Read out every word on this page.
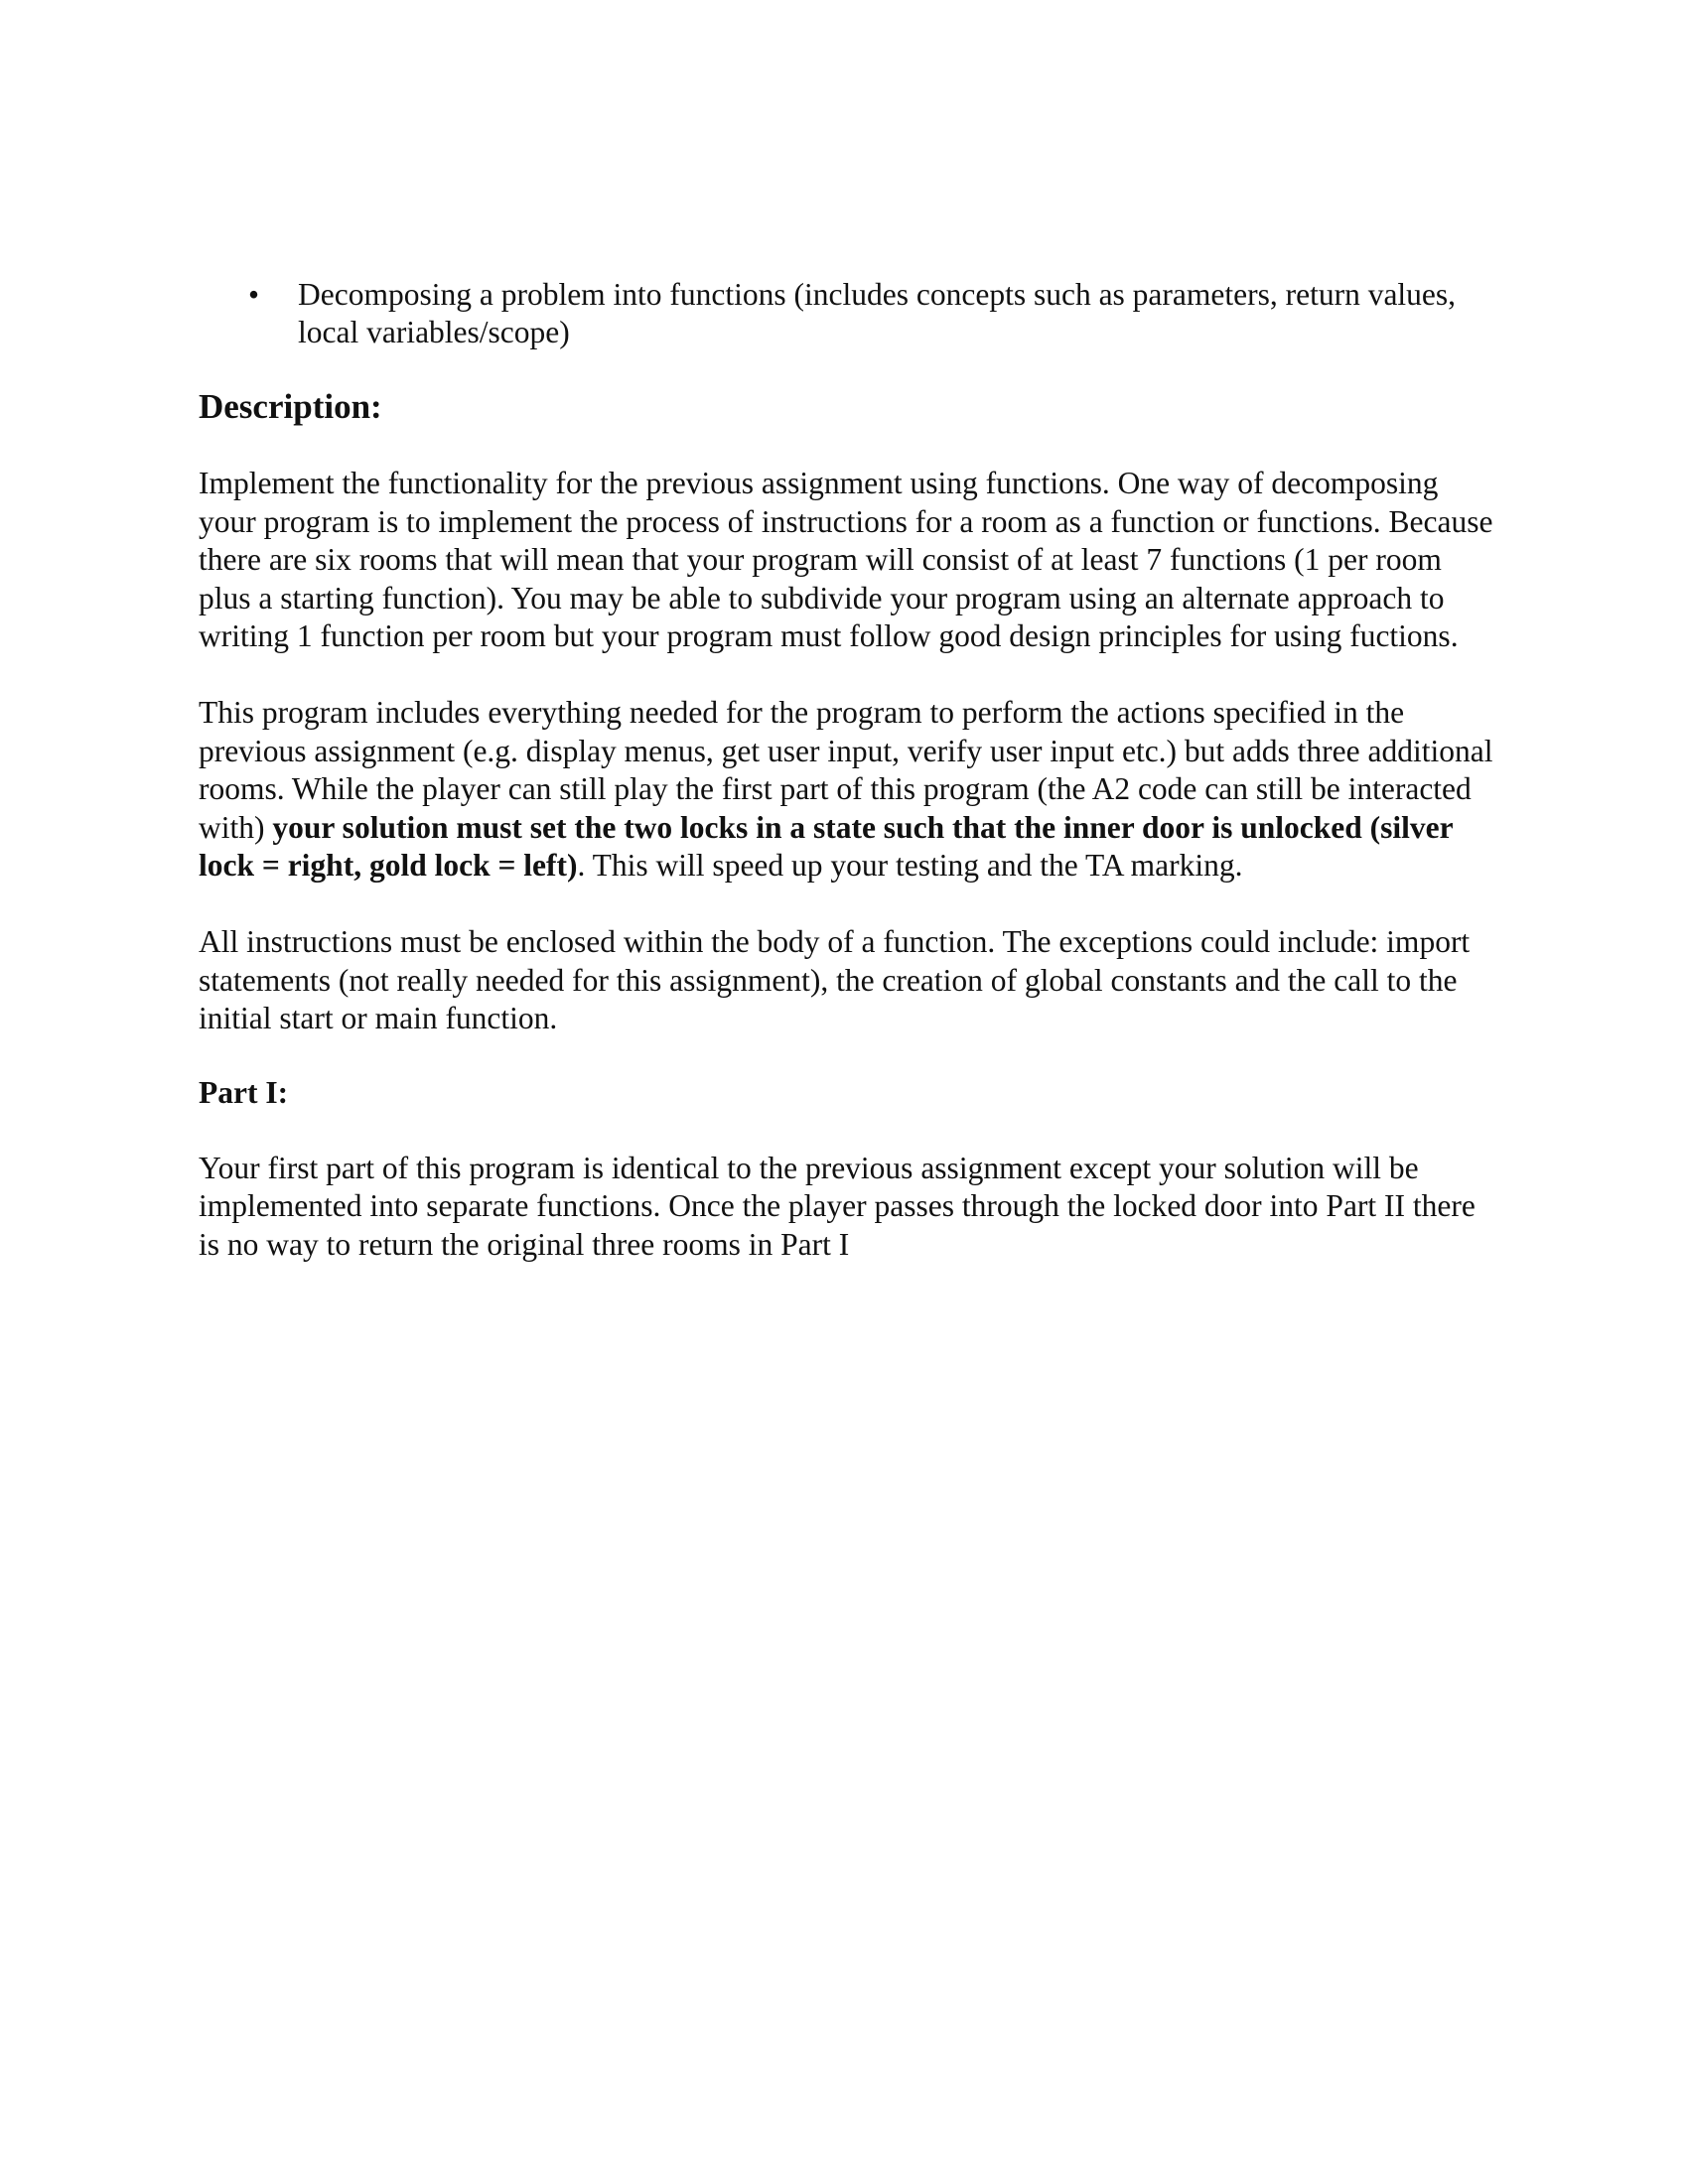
• Decomposing a problem into functions (includes concepts such as parameters, return values, local variables/scope)
Description:

Implement the functionality for the previous assignment using functions. One way of decomposing your program is to implement the process of instructions for a room as a function or functions. Because there are six rooms that will mean that your program will consist of at least 7 functions (1 per room plus a starting function). You may be able to subdivide your program using an alternate approach to writing 1 function per room but your program must follow good design principles for using fuctions.

This program includes everything needed for the program to perform the actions specified in the previous assignment (e.g. display menus, get user input, verify user input etc.) but adds three additional rooms. While the player can still play the first part of this program (the A2 code can still be interacted with) your solution must set the two locks in a state such that the inner door is unlocked (silver lock = right, gold lock = left). This will speed up your testing and the TA marking.

All instructions must be enclosed within the body of a function. The exceptions could include: import statements (not really needed for this assignment), the creation of global constants and the call to the initial start or main function.

Part I:

Your first part of this program is identical to the previous assignment except your solution will be implemented into separate functions. Once the player passes through the locked door into Part II there is no way to return the original three rooms in Part I
